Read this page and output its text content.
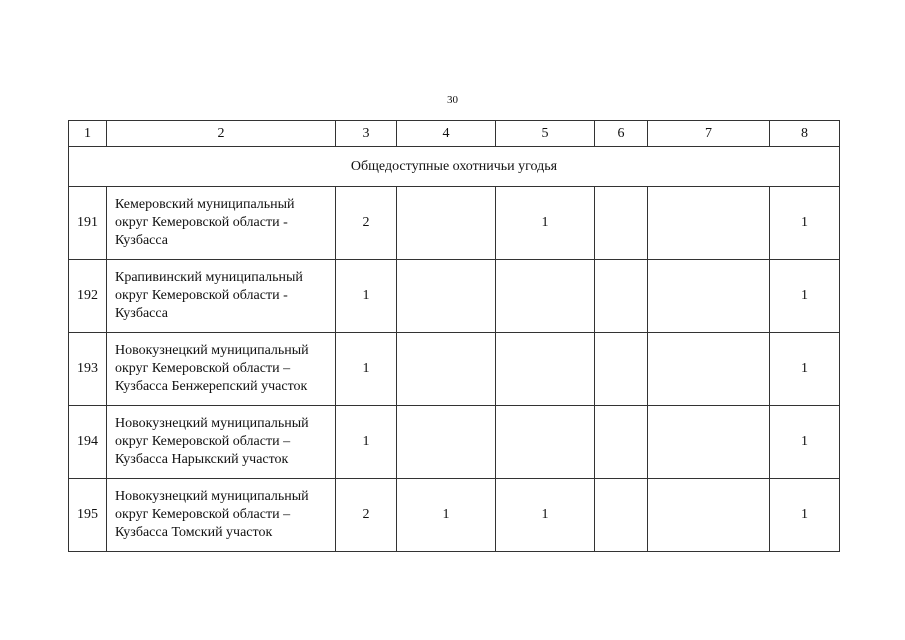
30
1	2	3	4	5	6	7	8
Общедоступные охотничьи угодья							
191	Кемеровский муниципальный
округ Кемеровской области -
Кузбасса	2		1			1
192	Крапивинский муниципальный
округ Кемеровской области -
Кузбасса	1					1
193	Новокузнецкий муниципальный
округ Кемеровской области –
Кузбасса Бенжерепский участок	1					1
194	Новокузнецкий муниципальный
округ Кемеровской области –
Кузбасса Нарыкский участок	1					1
195	Новокузнецкий муниципальный
округ Кемеровской области –
Кузбасса Томский участок	2	1	1			1
